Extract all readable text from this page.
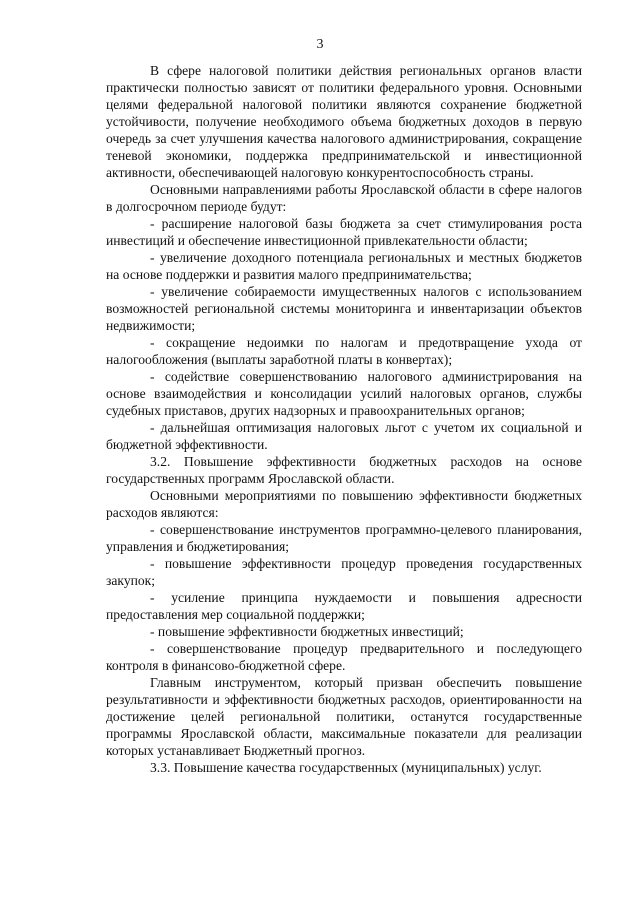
3

В сфере налоговой политики действия региональных органов власти практически полностью зависят от политики федерального уровня. Основными целями федеральной налоговой политики являются сохранение бюджетной устойчивости, получение необходимого объема бюджетных доходов в первую очередь за счет улучшения качества налогового администрирования, сокращение теневой экономики, поддержка предпринимательской и инвестиционной активности, обеспечивающей налоговую конкурентоспособность страны.

Основными направлениями работы Ярославской области в сфере налогов в долгосрочном периоде будут:

- расширение налоговой базы бюджета за счет стимулирования роста инвестиций и обеспечение инвестиционной привлекательности области;

- увеличение доходного потенциала региональных и местных бюджетов на основе поддержки и развития малого предпринимательства;

- увеличение собираемости имущественных налогов с использованием возможностей региональной системы мониторинга и инвентаризации объектов недвижимости;

- сокращение недоимки по налогам и предотвращение ухода от налогообложения (выплаты заработной платы в конвертах);

- содействие совершенствованию налогового администрирования на основе взаимодействия и консолидации усилий налоговых органов, службы судебных приставов, других надзорных и правоохранительных органов;

- дальнейшая оптимизация налоговых льгот с учетом их социальной и бюджетной эффективности.

3.2. Повышение эффективности бюджетных расходов на основе государственных программ Ярославской области.

Основными мероприятиями по повышению эффективности бюджетных расходов являются:

- совершенствование инструментов программно-целевого планирования, управления и бюджетирования;

- повышение эффективности процедур проведения государственных закупок;

- усиление принципа нуждаемости и повышения адресности предоставления мер социальной поддержки;

- повышение эффективности бюджетных инвестиций;

- совершенствование процедур предварительного и последующего контроля в финансово-бюджетной сфере.

Главным инструментом, который призван обеспечить повышение результативности и эффективности бюджетных расходов, ориентированности на достижение целей региональной политики, останутся государственные программы Ярославской области, максимальные показатели для реализации которых устанавливает Бюджетный прогноз.

3.3. Повышение качества государственных (муниципальных) услуг.
